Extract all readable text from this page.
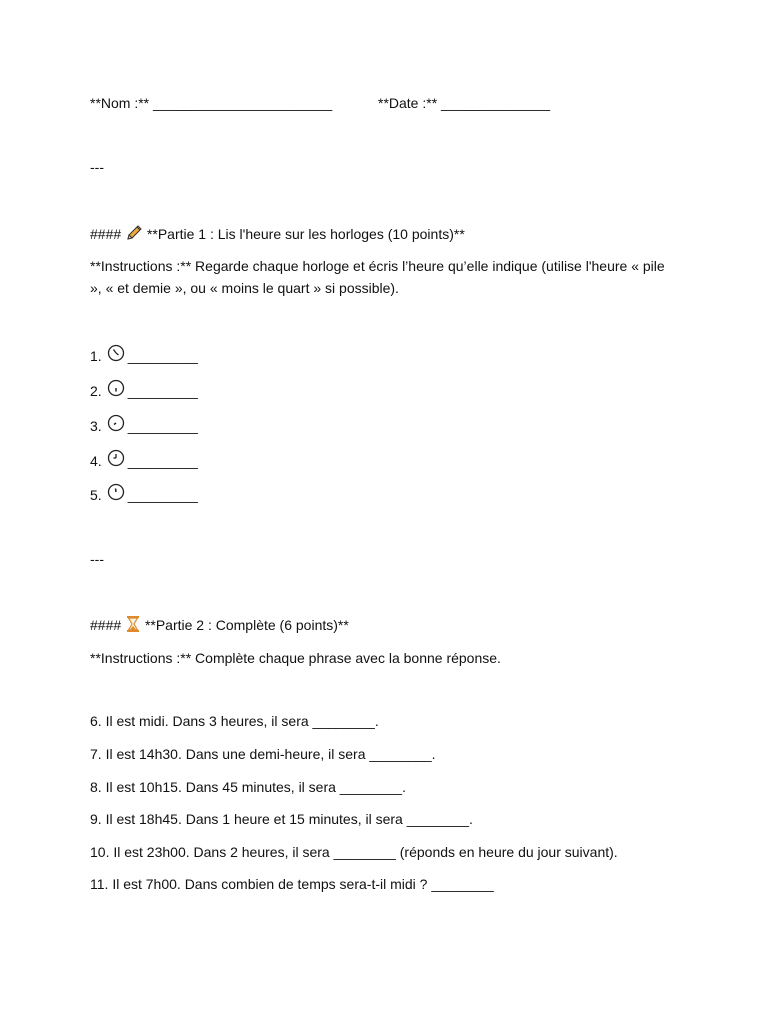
**Nom :** _______________________	**Date :** ______________
---
#### **Partie 1 : Lis l'heure sur les horloges (10 points)**
**Instructions :** Regarde chaque horloge et écris l’heure qu’elle indique (utilise l'heure « pile », « et demie », ou « moins le quart » si possible).
1. _________
2. _________
3. _________
4. _________
5. _________
---
#### **Partie 2 : Complète (6 points)**
**Instructions :** Complète chaque phrase avec la bonne réponse.
6. Il est midi. Dans 3 heures, il sera ________.
7. Il est 14h30. Dans une demi-heure, il sera ________.
8. Il est 10h15. Dans 45 minutes, il sera ________.
9. Il est 18h45. Dans 1 heure et 15 minutes, il sera ________.
10. Il est 23h00. Dans 2 heures, il sera ________ (réponds en heure du jour suivant).
11. Il est 7h00. Dans combien de temps sera-t-il midi ? ________
